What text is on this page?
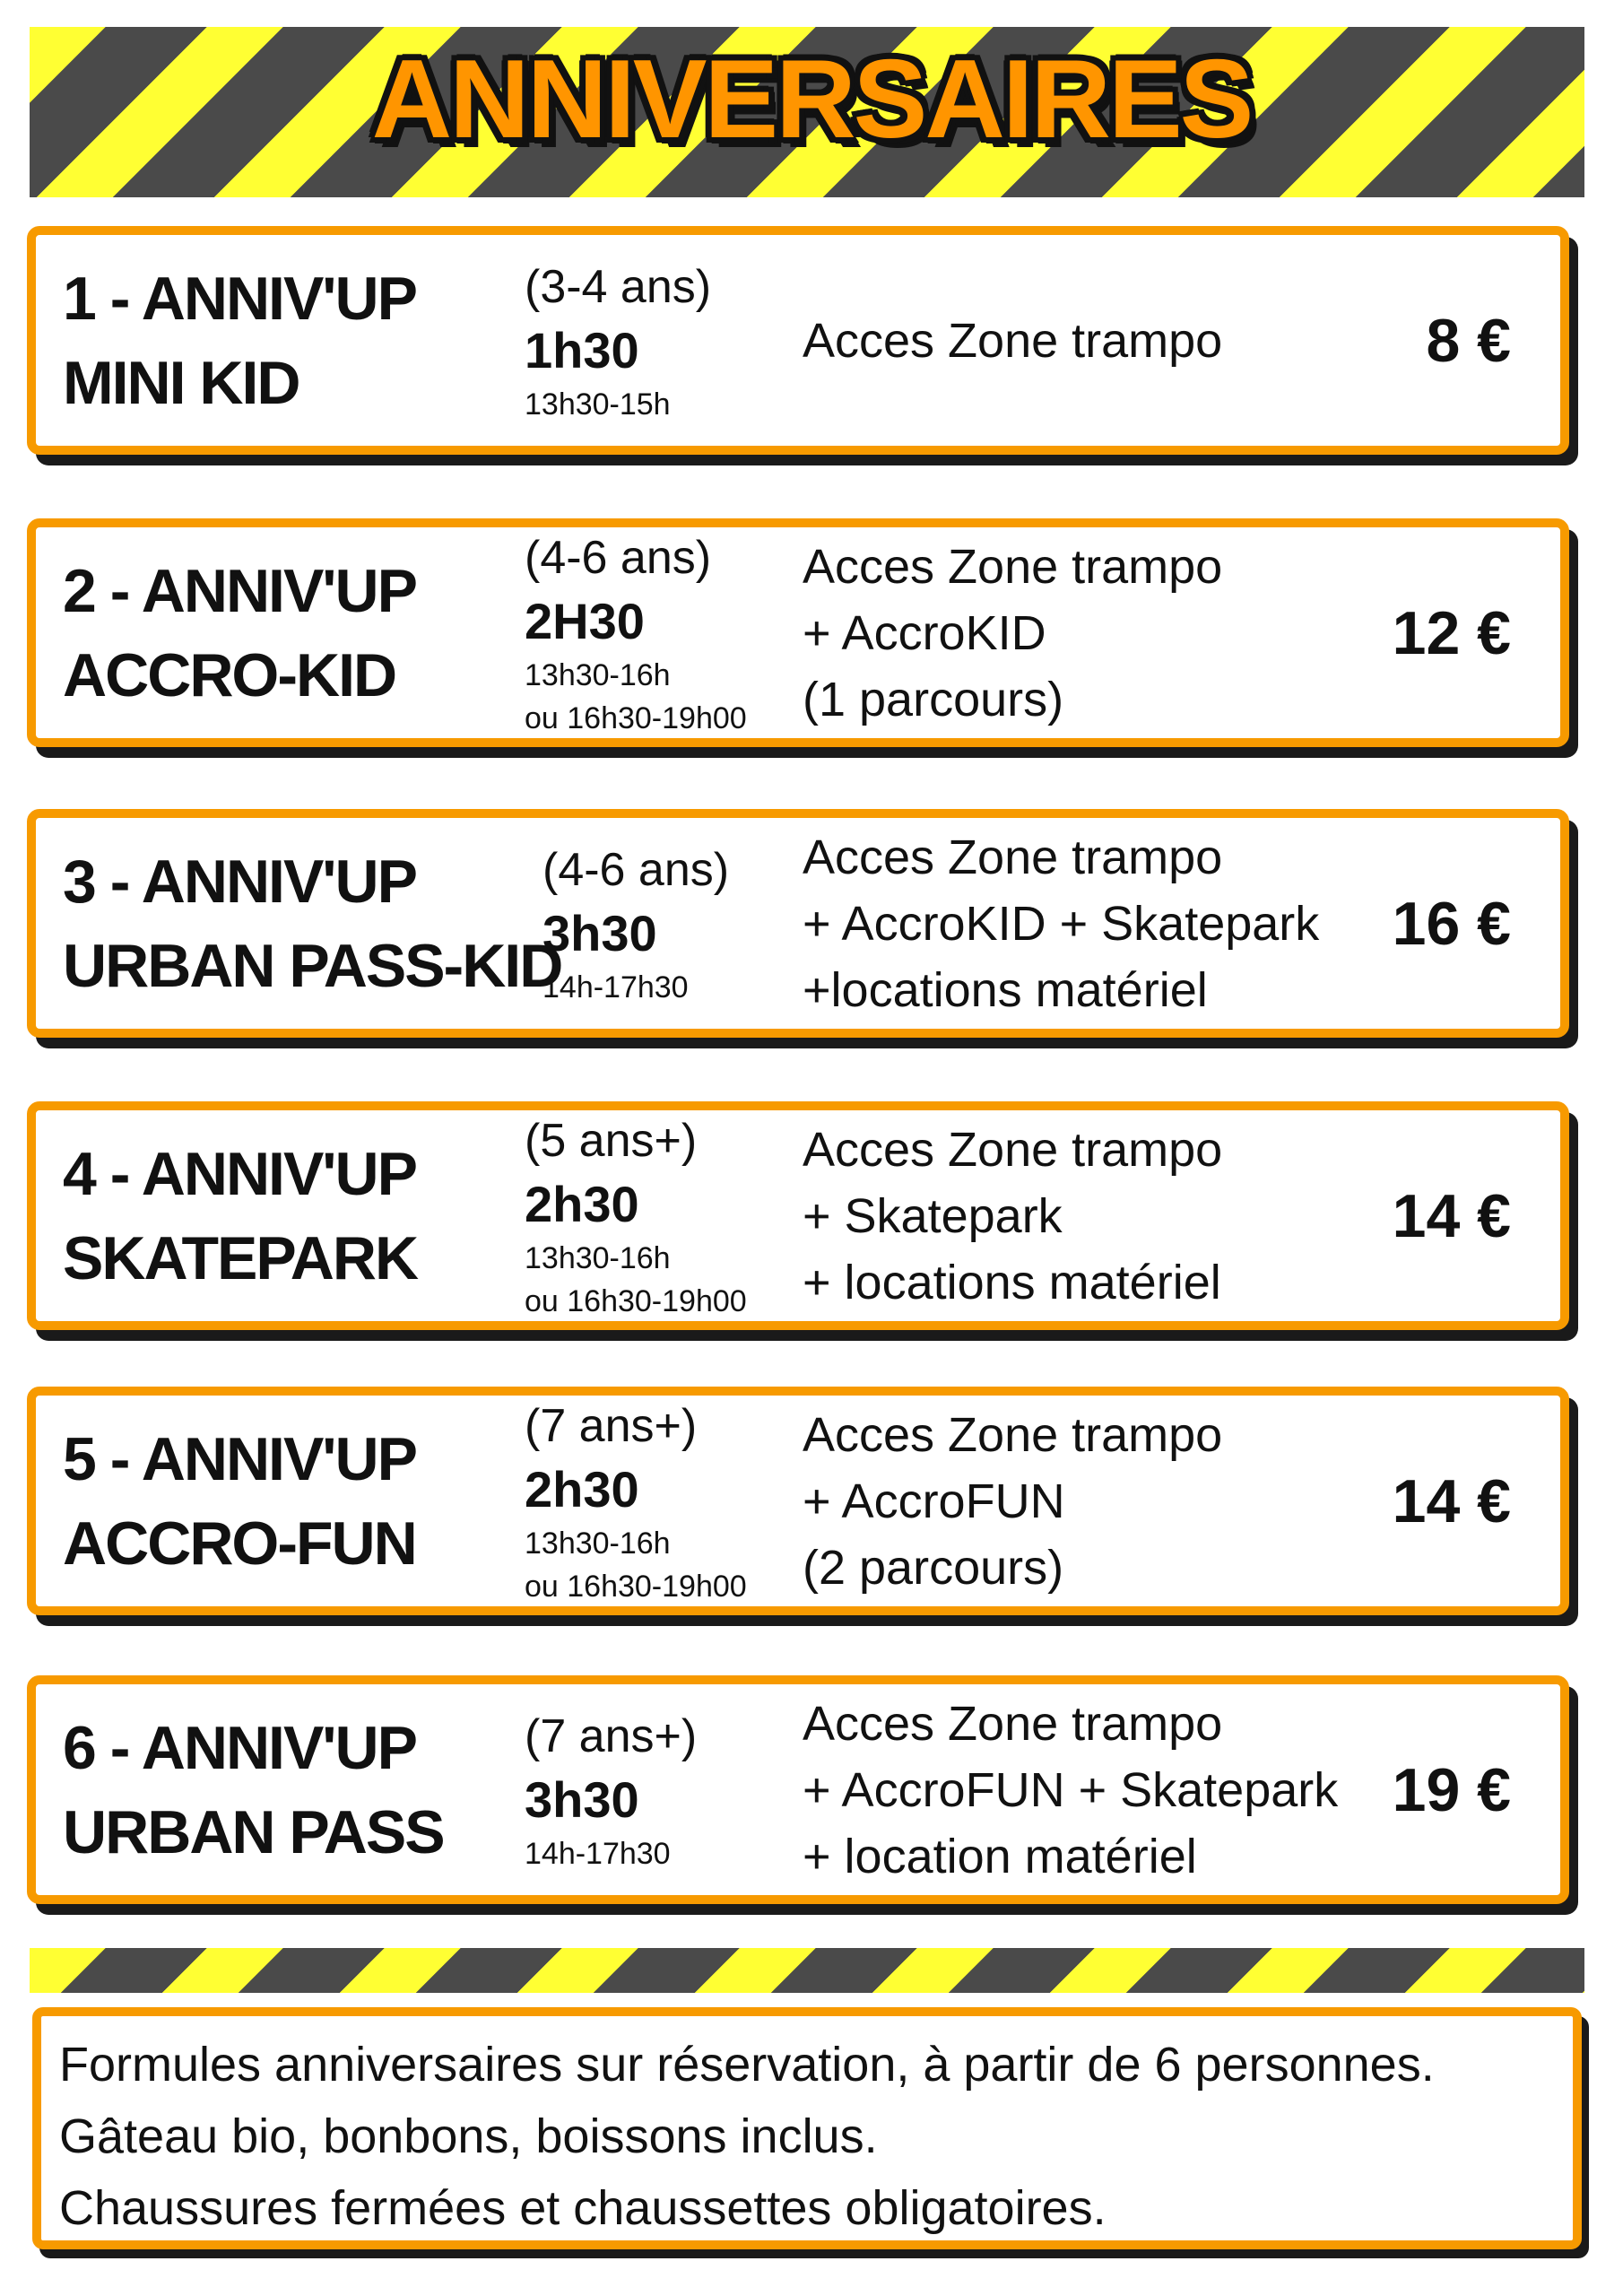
ANNIVERSAIRES
1 - ANNIV'UP
MINI KID
(3-4 ans)
1h30
13h30-15h
Acces Zone trampo	8 €
2 - ANNIV'UP
ACCRO-KID
(4-6 ans)
2H30
13h30-16h
ou 16h30-19h00
Acces Zone trampo
+ AccroKID
(1 parcours)
12 €
3 - ANNIV'UP
URBAN PASS-KID
(4-6 ans)
3h30
14h-17h30
Acces Zone trampo
+ AccroKID + Skatepark
+locations matériel
16 €
4 - ANNIV'UP
SKATEPARK
(5 ans+)
2h30
13h30-16h
ou 16h30-19h00
Acces Zone trampo
+ Skatepark
+ locations matériel
14 €
5 - ANNIV'UP
ACCRO-FUN
(7 ans+)
2h30
13h30-16h
ou 16h30-19h00
Acces Zone trampo
+ AccroFUN
(2 parcours)
14 €
6 - ANNIV'UP
URBAN PASS
(7 ans+)
3h30
14h-17h30
Acces Zone trampo
+ AccroFUN + Skatepark
+ location matériel
19 €
Formules anniversaires sur réservation, à partir de 6 personnes.
Gâteau bio, bonbons, boissons inclus.
Chaussures fermées et chaussettes obligatoires.
